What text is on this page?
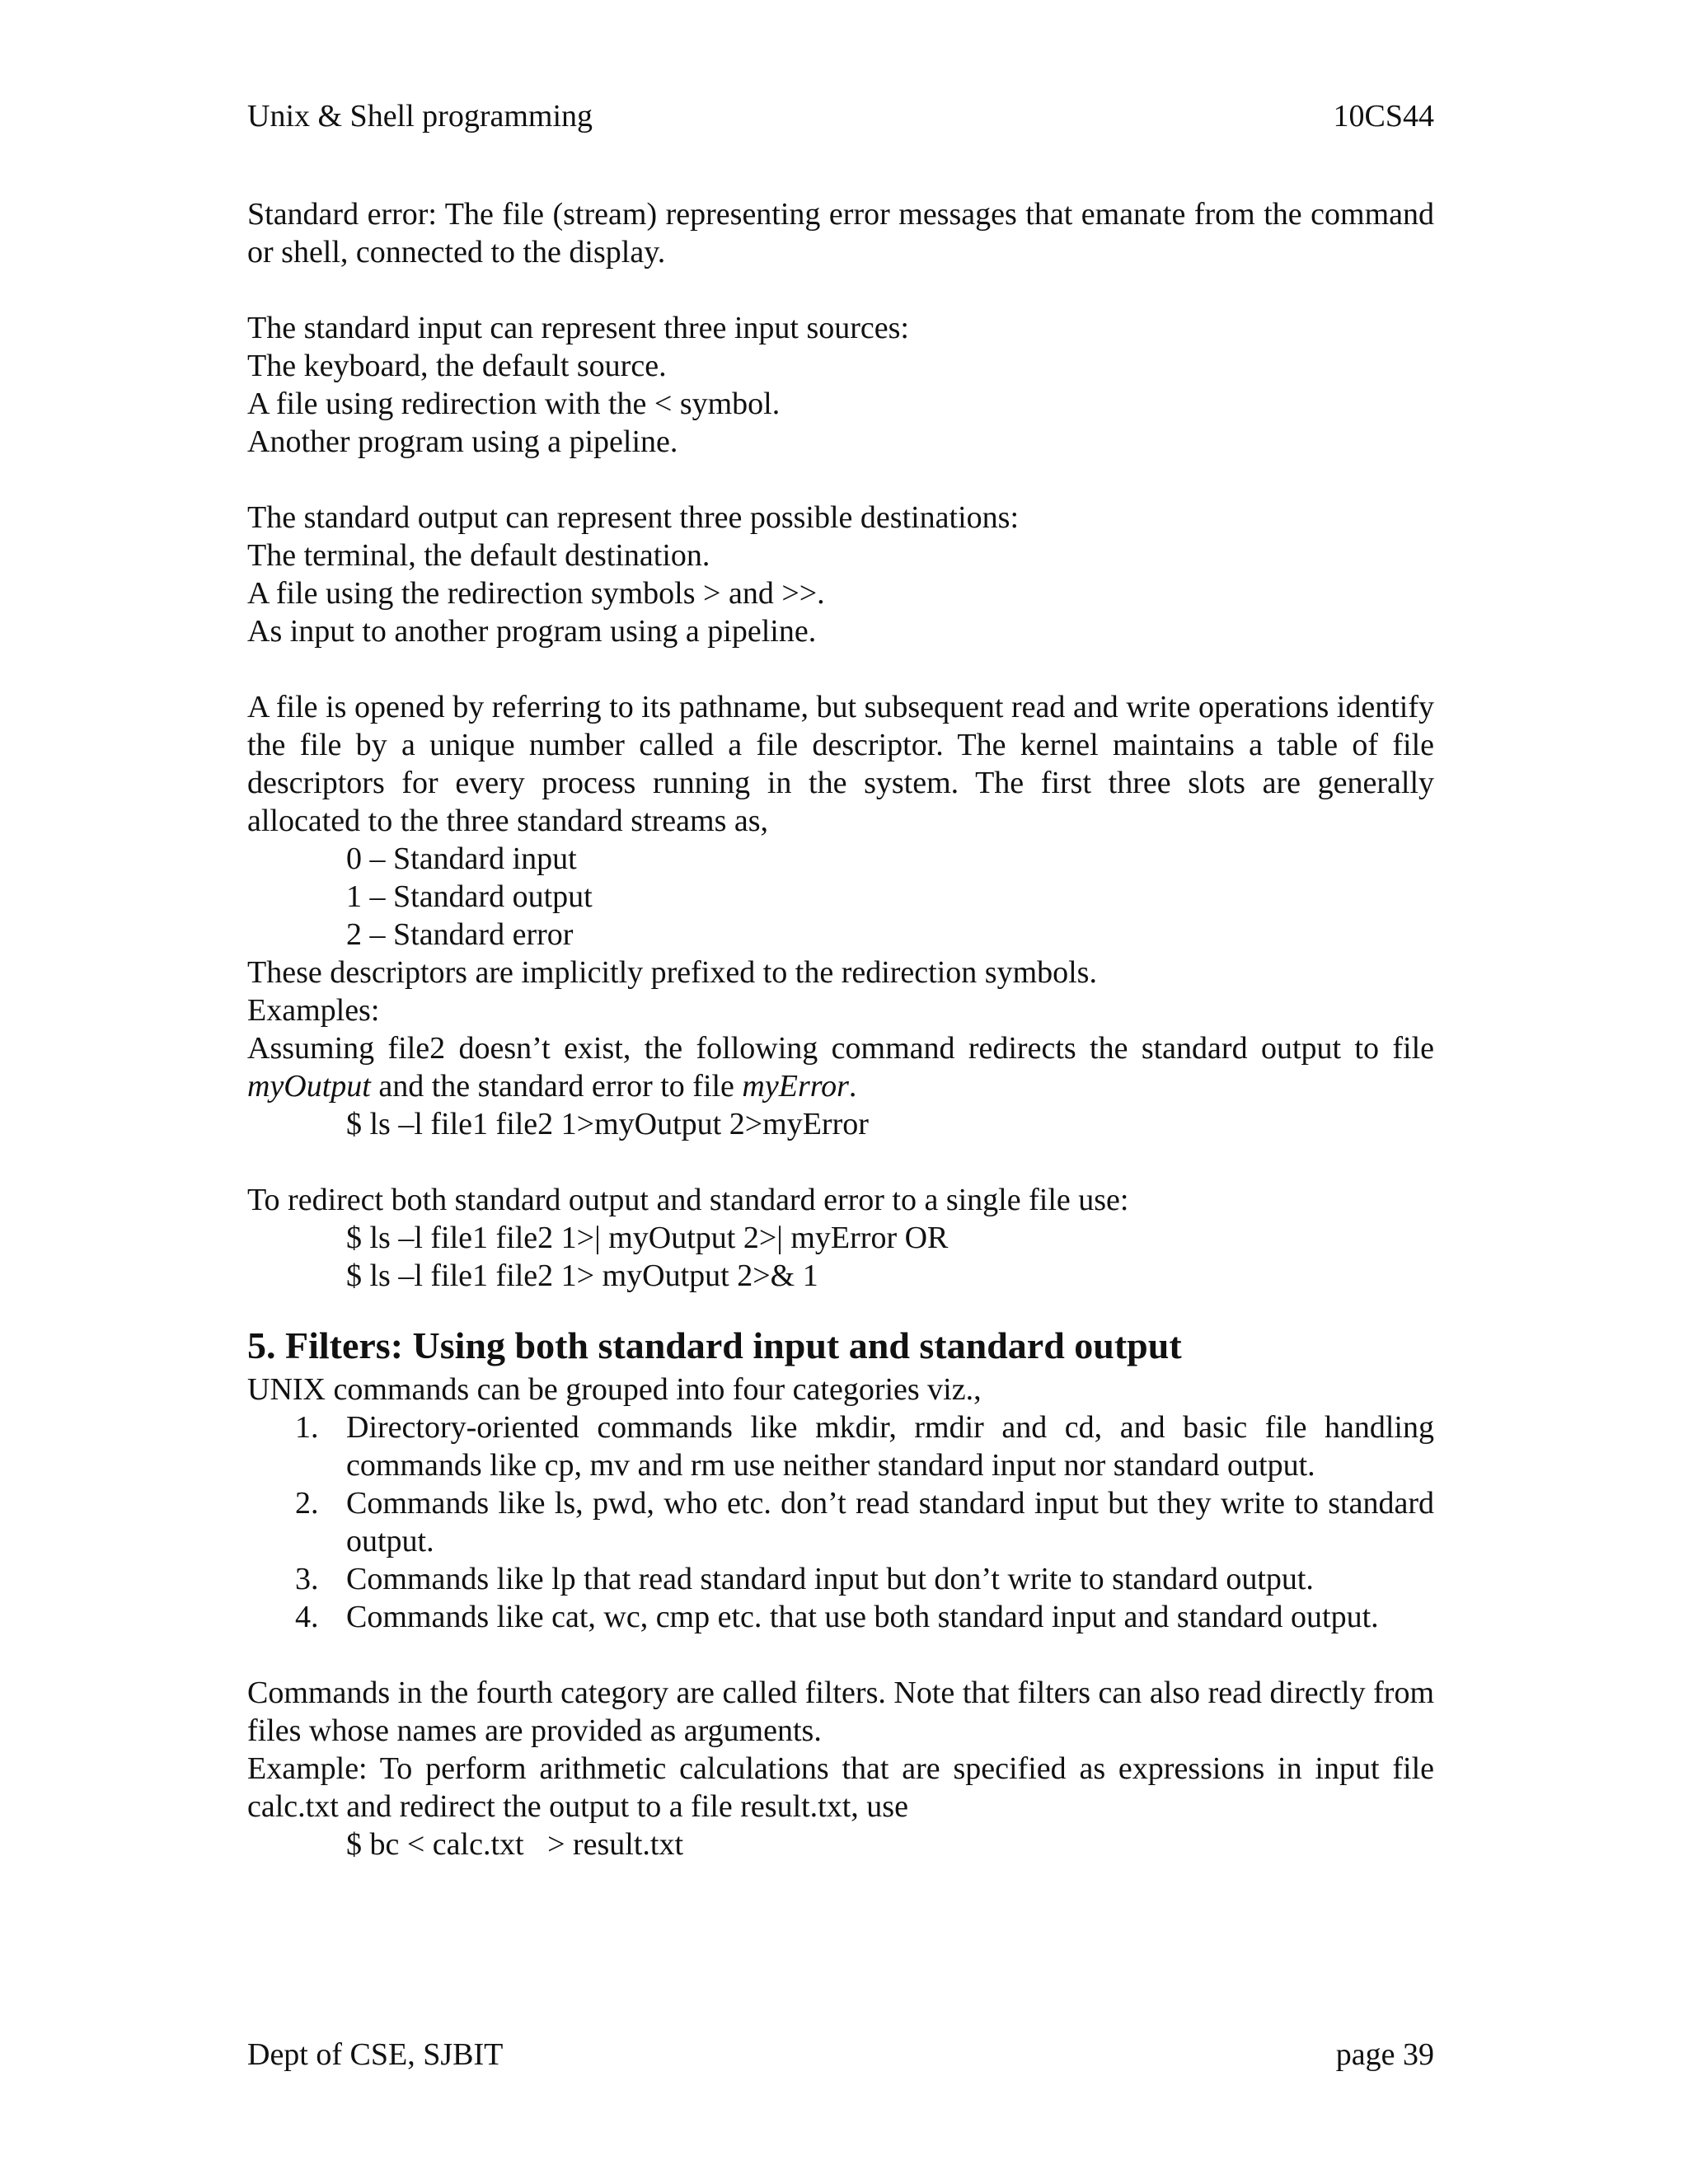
Unix & Shell programming	10CS44

Standard error: The file (stream) representing error messages that emanate from the command or shell, connected to the display.

The standard input can represent three input sources:

The keyboard, the default source.

A file using redirection with the < symbol.

Another program using a pipeline.

The standard output can represent three possible destinations:

The terminal, the default destination.

A file using the redirection symbols > and >>.

As input to another program using a pipeline.

A file is opened by referring to its pathname, but subsequent read and write operations identify the file by a unique number called a file descriptor. The kernel maintains a table of file descriptors for every process running in the system. The first three slots are generally allocated to the three standard streams as,

0 – Standard input

1 – Standard output

2 – Standard error

These descriptors are implicitly prefixed to the redirection symbols.

Examples:

Assuming file2 doesn’t exist, the following command redirects the standard output to file myOutput and the standard error to file myError.

$ ls –l file1 file2 1>myOutput 2>myError

To redirect both standard output and standard error to a single file use:

$ ls –l file1 file2 1>| myOutput 2>| myError OR

$ ls –l file1 file2 1> myOutput 2>& 1

5. Filters: Using both standard input and standard output

UNIX commands can be grouped into four categories viz.,

1. Directory-oriented commands like mkdir, rmdir and cd, and basic file handling commands like cp, mv and rm use neither standard input nor standard output.
2. Commands like ls, pwd, who etc. don’t read standard input but they write to standard output.
3. Commands like lp that read standard input but don’t write to standard output.
4. Commands like cat, wc, cmp etc. that use both standard input and standard output.

Commands in the fourth category are called filters. Note that filters can also read directly from files whose names are provided as arguments.

Example: To perform arithmetic calculations that are specified as expressions in input file calc.txt and redirect the output to a file result.txt, use

$ bc < calc.txt   > result.txt

Dept of CSE, SJBIT	page 39
